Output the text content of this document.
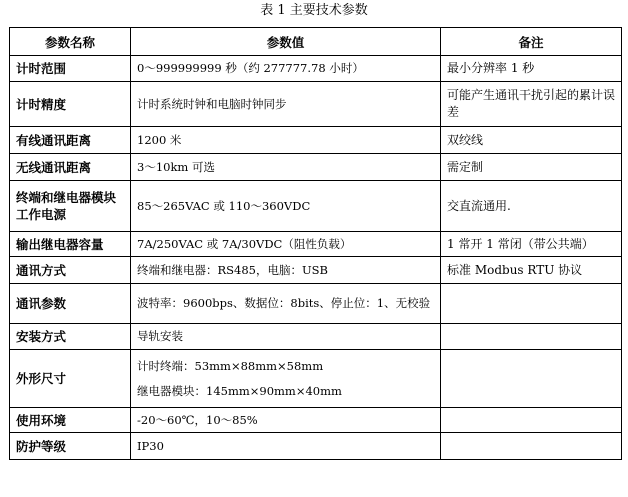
表 1 主要技术参数
参数名称	参数值	备注
计时范围	0～999999999 秒（约 277777.78 小时）	最小分辨率 1 秒
计时精度	计时系统时钟和电脑时钟同步	可能产生通讯干扰引起的累计误差
有线通讯距离	1200 米	双绞线
无线通讯距离	3～10km 可选	需定制
终端和继电器模块工作电源	85～265VAC 或 110～360VDC	交直流通用.
输出继电器容量	7A/250VAC 或 7A/30VDC（阻性负载）	1 常开 1 常闭（带公共端）
通讯方式	终端和继电器：RS485，电脑：USB	标准 Modbus RTU 协议
通讯参数	波特率：9600bps、数据位：8bits、停止位：1、无校验	
安装方式	导轨安装	
外形尺寸	计时终端：53mm×88mm×58mm
继电器模块：145mm×90mm×40mm	

使用环境	-20～60℃，10～85%	
防护等级	IP30	
